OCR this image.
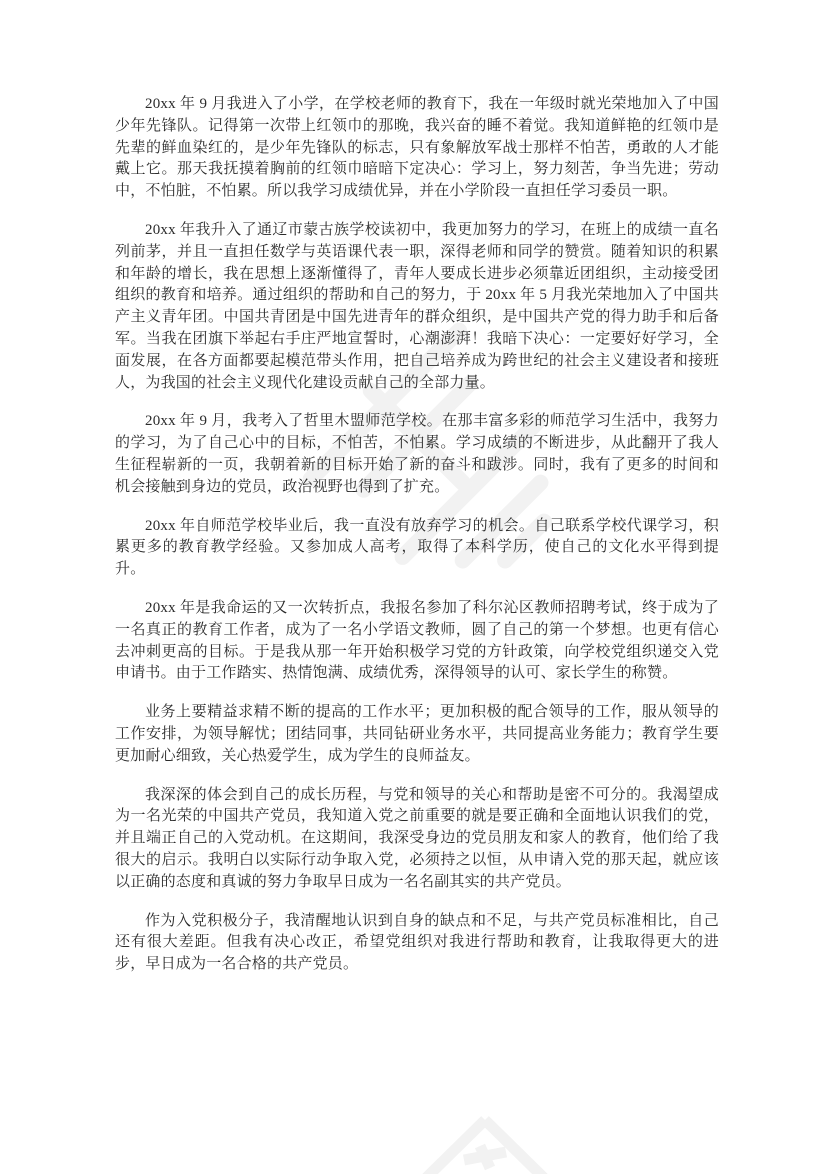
20xx 年 9 月我进入了小学，在学校老师的教育下，我在一年级时就光荣地加入了中国少年先锋队。记得第一次带上红领巾的那晚，我兴奋的睡不着觉。我知道鲜艳的红领巾是先辈的鲜血染红的，是少年先锋队的标志，只有象解放军战士那样不怕苦，勇敢的人才能戴上它。那天我抚摸着胸前的红领巾暗暗下定决心：学习上，努力刻苦，争当先进；劳动中，不怕脏，不怕累。所以我学习成绩优异，并在小学阶段一直担任学习委员一职。

20xx 年我升入了通辽市蒙古族学校读初中，我更加努力的学习，在班上的成绩一直名列前茅，并且一直担任数学与英语课代表一职，深得老师和同学的赞赏。随着知识的积累和年龄的增长，我在思想上逐渐懂得了，青年人要成长进步必须靠近团组织，主动接受团组织的教育和培养。通过组织的帮助和自己的努力，于 20xx 年 5 月我光荣地加入了中国共产主义青年团。中国共青团是中国先进青年的群众组织，是中国共产党的得力助手和后备军。当我在团旗下举起右手庄严地宣誓时，心潮澎湃！我暗下决心：一定要好好学习，全面发展，在各方面都要起模范带头作用，把自己培养成为跨世纪的社会主义建设者和接班人，为我国的社会主义现代化建设贡献自己的全部力量。

20xx 年 9 月，我考入了哲里木盟师范学校。在那丰富多彩的师范学习生活中，我努力的学习，为了自己心中的目标，不怕苦，不怕累。学习成绩的不断进步，从此翻开了我人生征程崭新的一页，我朝着新的目标开始了新的奋斗和跋涉。同时，我有了更多的时间和机会接触到身边的党员，政治视野也得到了扩充。

20xx 年自师范学校毕业后，我一直没有放弃学习的机会。自己联系学校代课学习，积累更多的教育教学经验。又参加成人高考，取得了本科学历，使自己的文化水平得到提升。

20xx 年是我命运的又一次转折点，我报名参加了科尔沁区教师招聘考试，终于成为了一名真正的教育工作者，成为了一名小学语文教师，圆了自己的第一个梦想。也更有信心去冲刺更高的目标。于是我从那一年开始积极学习党的方针政策，向学校党组织递交入党申请书。由于工作踏实、热情饱满、成绩优秀，深得领导的认可、家长学生的称赞。

业务上要精益求精不断的提高的工作水平；更加积极的配合领导的工作，服从领导的工作安排，为领导解忧；团结同事，共同钻研业务水平，共同提高业务能力；教育学生要更加耐心细致，关心热爱学生，成为学生的良师益友。

我深深的体会到自己的成长历程，与党和领导的关心和帮助是密不可分的。我渴望成为一名光荣的中国共产党员，我知道入党之前重要的就是要正确和全面地认识我们的党，并且端正自己的入党动机。在这期间，我深受身边的党员朋友和家人的教育，他们给了我很大的启示。我明白以实际行动争取入党，必须持之以恒，从申请入党的那天起，就应该以正确的态度和真诚的努力争取早日成为一名名副其实的共产党员。

作为入党积极分子，我清醒地认识到自身的缺点和不足，与共产党员标准相比，自己还有很大差距。但我有决心改正，希望党组织对我进行帮助和教育，让我取得更大的进步，早日成为一名合格的共产党员。
